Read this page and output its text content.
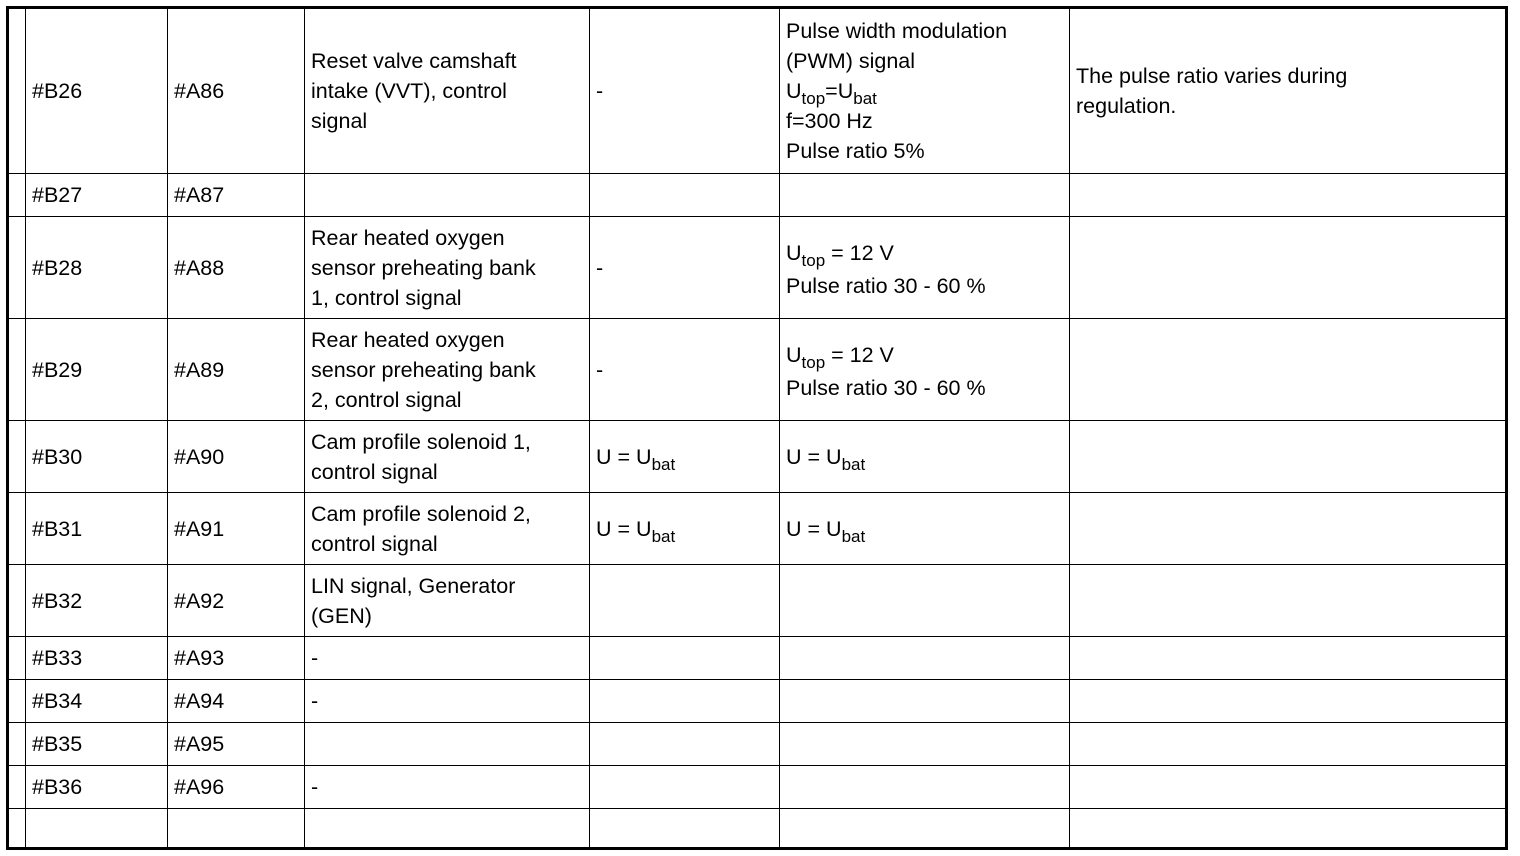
	#B26	#A86	Reset valve camshaft
intake (VVT), control
signal	-	Pulse width modulation
(PWM) signal
$U_{top}=U_{bat}$
f=300 Hz
Pulse ratio 5%	The pulse ratio varies during
regulation.

	#B27	#A87				

	#B28	#A88	Rear heated oxygen
sensor preheating bank
1, control signal	-	$U_{top} = 12$ V
Pulse ratio 30 - 60 %	

	#B29	#A89	Rear heated oxygen
sensor preheating bank
2, control signal	-	$U_{top} = 12$ V
Pulse ratio 30 - 60 %	

	#B30	#A90	Cam profile solenoid 1,
control signal	$U = U_{bat}$	$U = U_{bat}$

	#B31	#A91	Cam profile solenoid 2,
control signal	$U = U_{bat}$	$U = U_{bat}$

	#B32	#A92	LIN signal, Generator
(GEN)			

	#B33	#A93	-			

	#B34	#A94	-			

	#B35	#A95				

	#B36	#A96	-			
